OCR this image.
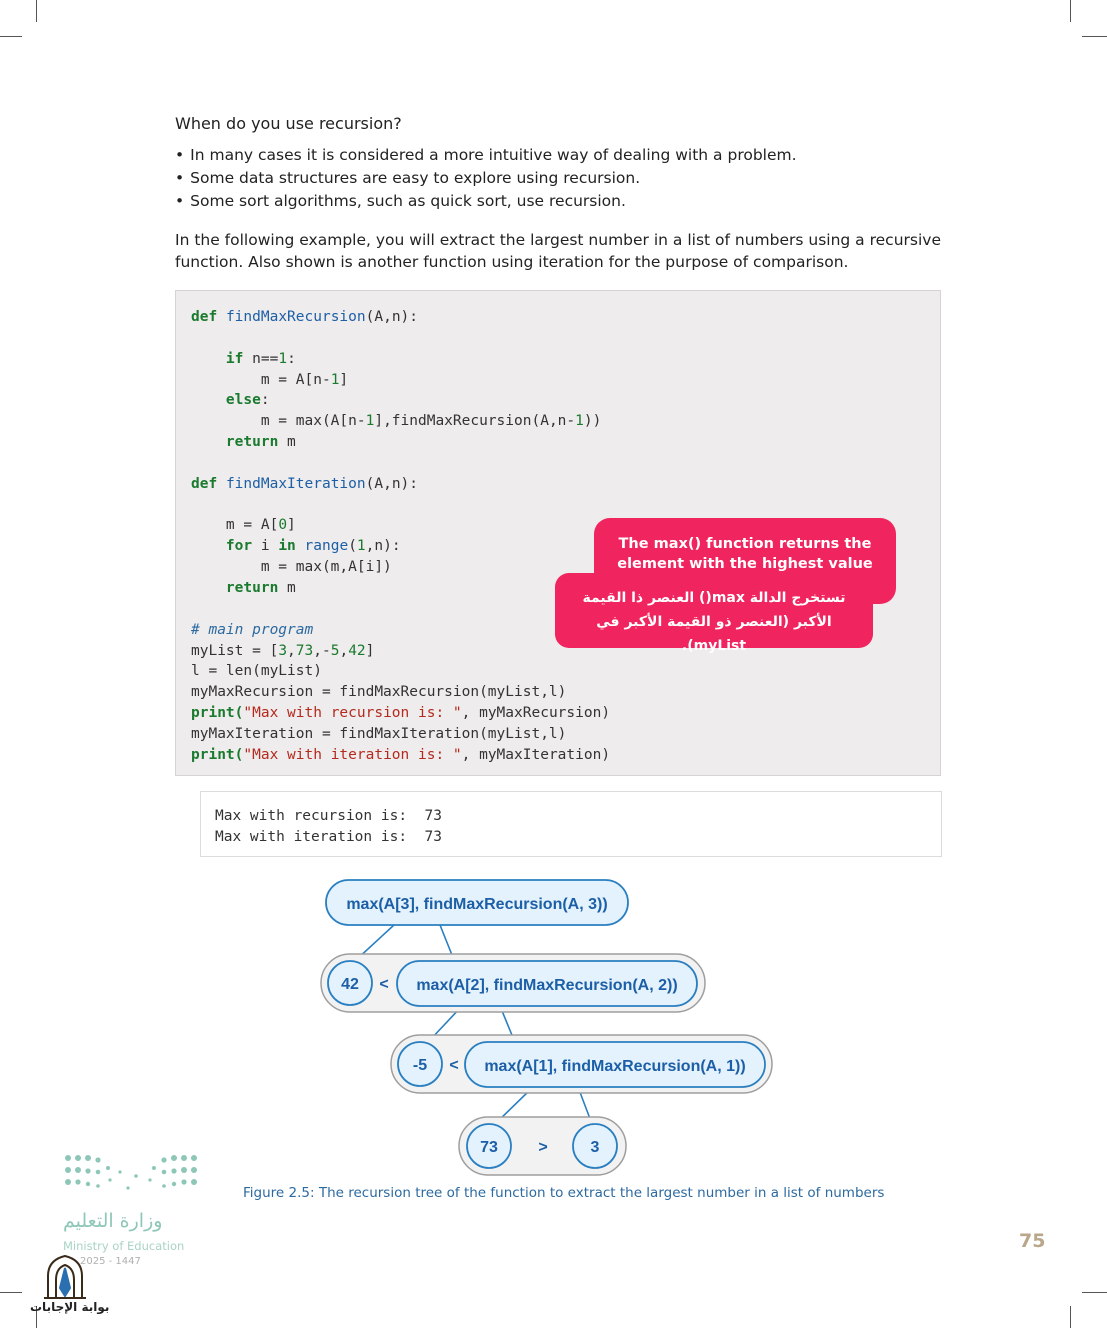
When do you use recursion?
• In many cases it is considered a more intuitive way of dealing with a problem.
• Some data structures are easy to explore using recursion.
• Some sort algorithms, such as quick sort, use recursion.
In the following example, you will extract the largest number in a list of numbers using a recursive function. Also shown is another function using iteration for the purpose of comparison.
def findMaxRecursion(A,n):

if n==1:
m = A[n-1]
else:
m = max(A[n-1],findMaxRecursion(A,n-1))
return m

def findMaxIteration(A,n):

m = A[0]
for i in range(1,n):
m = max(m,A[i])
return m

# main program
myList = [3,73,-5,42]
l = len(myList)
myMaxRecursion = findMaxRecursion(myList,l)
print("Max with recursion is: ", myMaxRecursion)
myMaxIteration = findMaxIteration(myList,l)
print("Max with iteration is: ", myMaxIteration)
The max() function returns the element with the highest value
تستخرج الدالة max() العنصر ذا القيمة الأكبر (العنصر ذو القيمة الأكبر في myList).
Max with recursion is:  73
Max with iteration is:  73
max(A[3], findMaxRecursion(A, 3))
42 < max(A[2], findMaxRecursion(A, 2))
-5 < max(A[1], findMaxRecursion(A, 1))
73	>	3
Figure 2.5: The recursion tree of the function to extract the largest number in a list of numbers
وزارة التعليم
Ministry of Education
2025 - 1447
بوابة الإجابات
75
